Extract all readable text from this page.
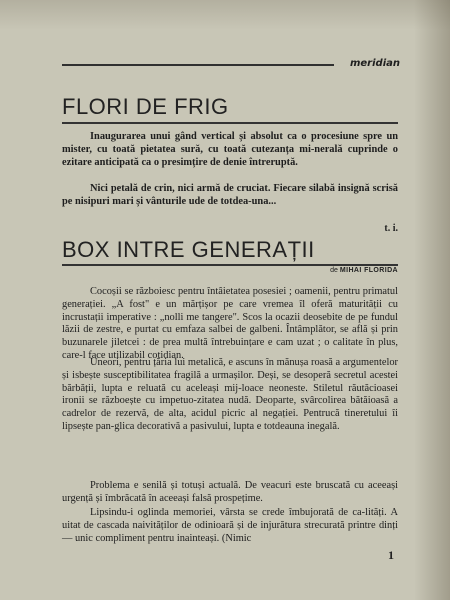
meridian
FLORI DE FRIG

Inaugurarea unui gând vertical și absolut ca o procesiune spre un mister, cu toată pietatea sură, cu toată cutezanța mi-nerală cuprinde o ezitare anticipată ca o presimțire de denie întreruptă.

Nici petală de crin, nici armă de cruciat. Fiecare silabă insignă scrisă pe nisipuri mari și vânturile ude de totdea-una...

t. i.
BOX INTRE GENERAȚII
de MIHAI FLORIDA

Cocoșii se războiesc pentru întâietatea posesiei ; oamenii, pentru primatul generației. „A fost" e un mărțișor pe care vremea îl oferă maturității cu incrustații imperative : „nolli me tangere". Scos la ocazii deosebite de pe fundul lăzii de zestre, e purtat cu emfaza salbei de galbeni. Întâmplător, se află și prin buzunarele jiletcei : de prea multă întrebuințare e cam uzat ; o calitate în plus, care-l face utilizabil cotidian.

Uneori, pentru țăria lui metalică, e ascuns în mănușa roasă a argumentelor și isbește susceptibilitatea fragilă a urmașilor. Deși, se desoperă secretul acestei bărbății, lupta e reluată cu aceleași mij-loace neoneste. Stiletul răutăcioasei ironii se războește cu impetuo-zitatea nudă. Deoparte, svârcolirea bătăioasă a cadrelor de rezervă, de alta, acidul picric al negației. Pentrucă tineretului îi lipsește pan-glica decorativă a pasivului, lupta e totdeauna inegală.

Problema e senilă și totuși actuală. De veacuri este bruscată cu aceeași urgență și îmbrăcată în aceeași falsă prospețime.

Lipsindu-i oglinda memoriei, vârsta se crede îmbujorată de ca-lități. A uitat de cascada naivităților de odinioară și de injurătura strecurată printre dinți — unic compliment pentru inainteași. (Nimic

1
